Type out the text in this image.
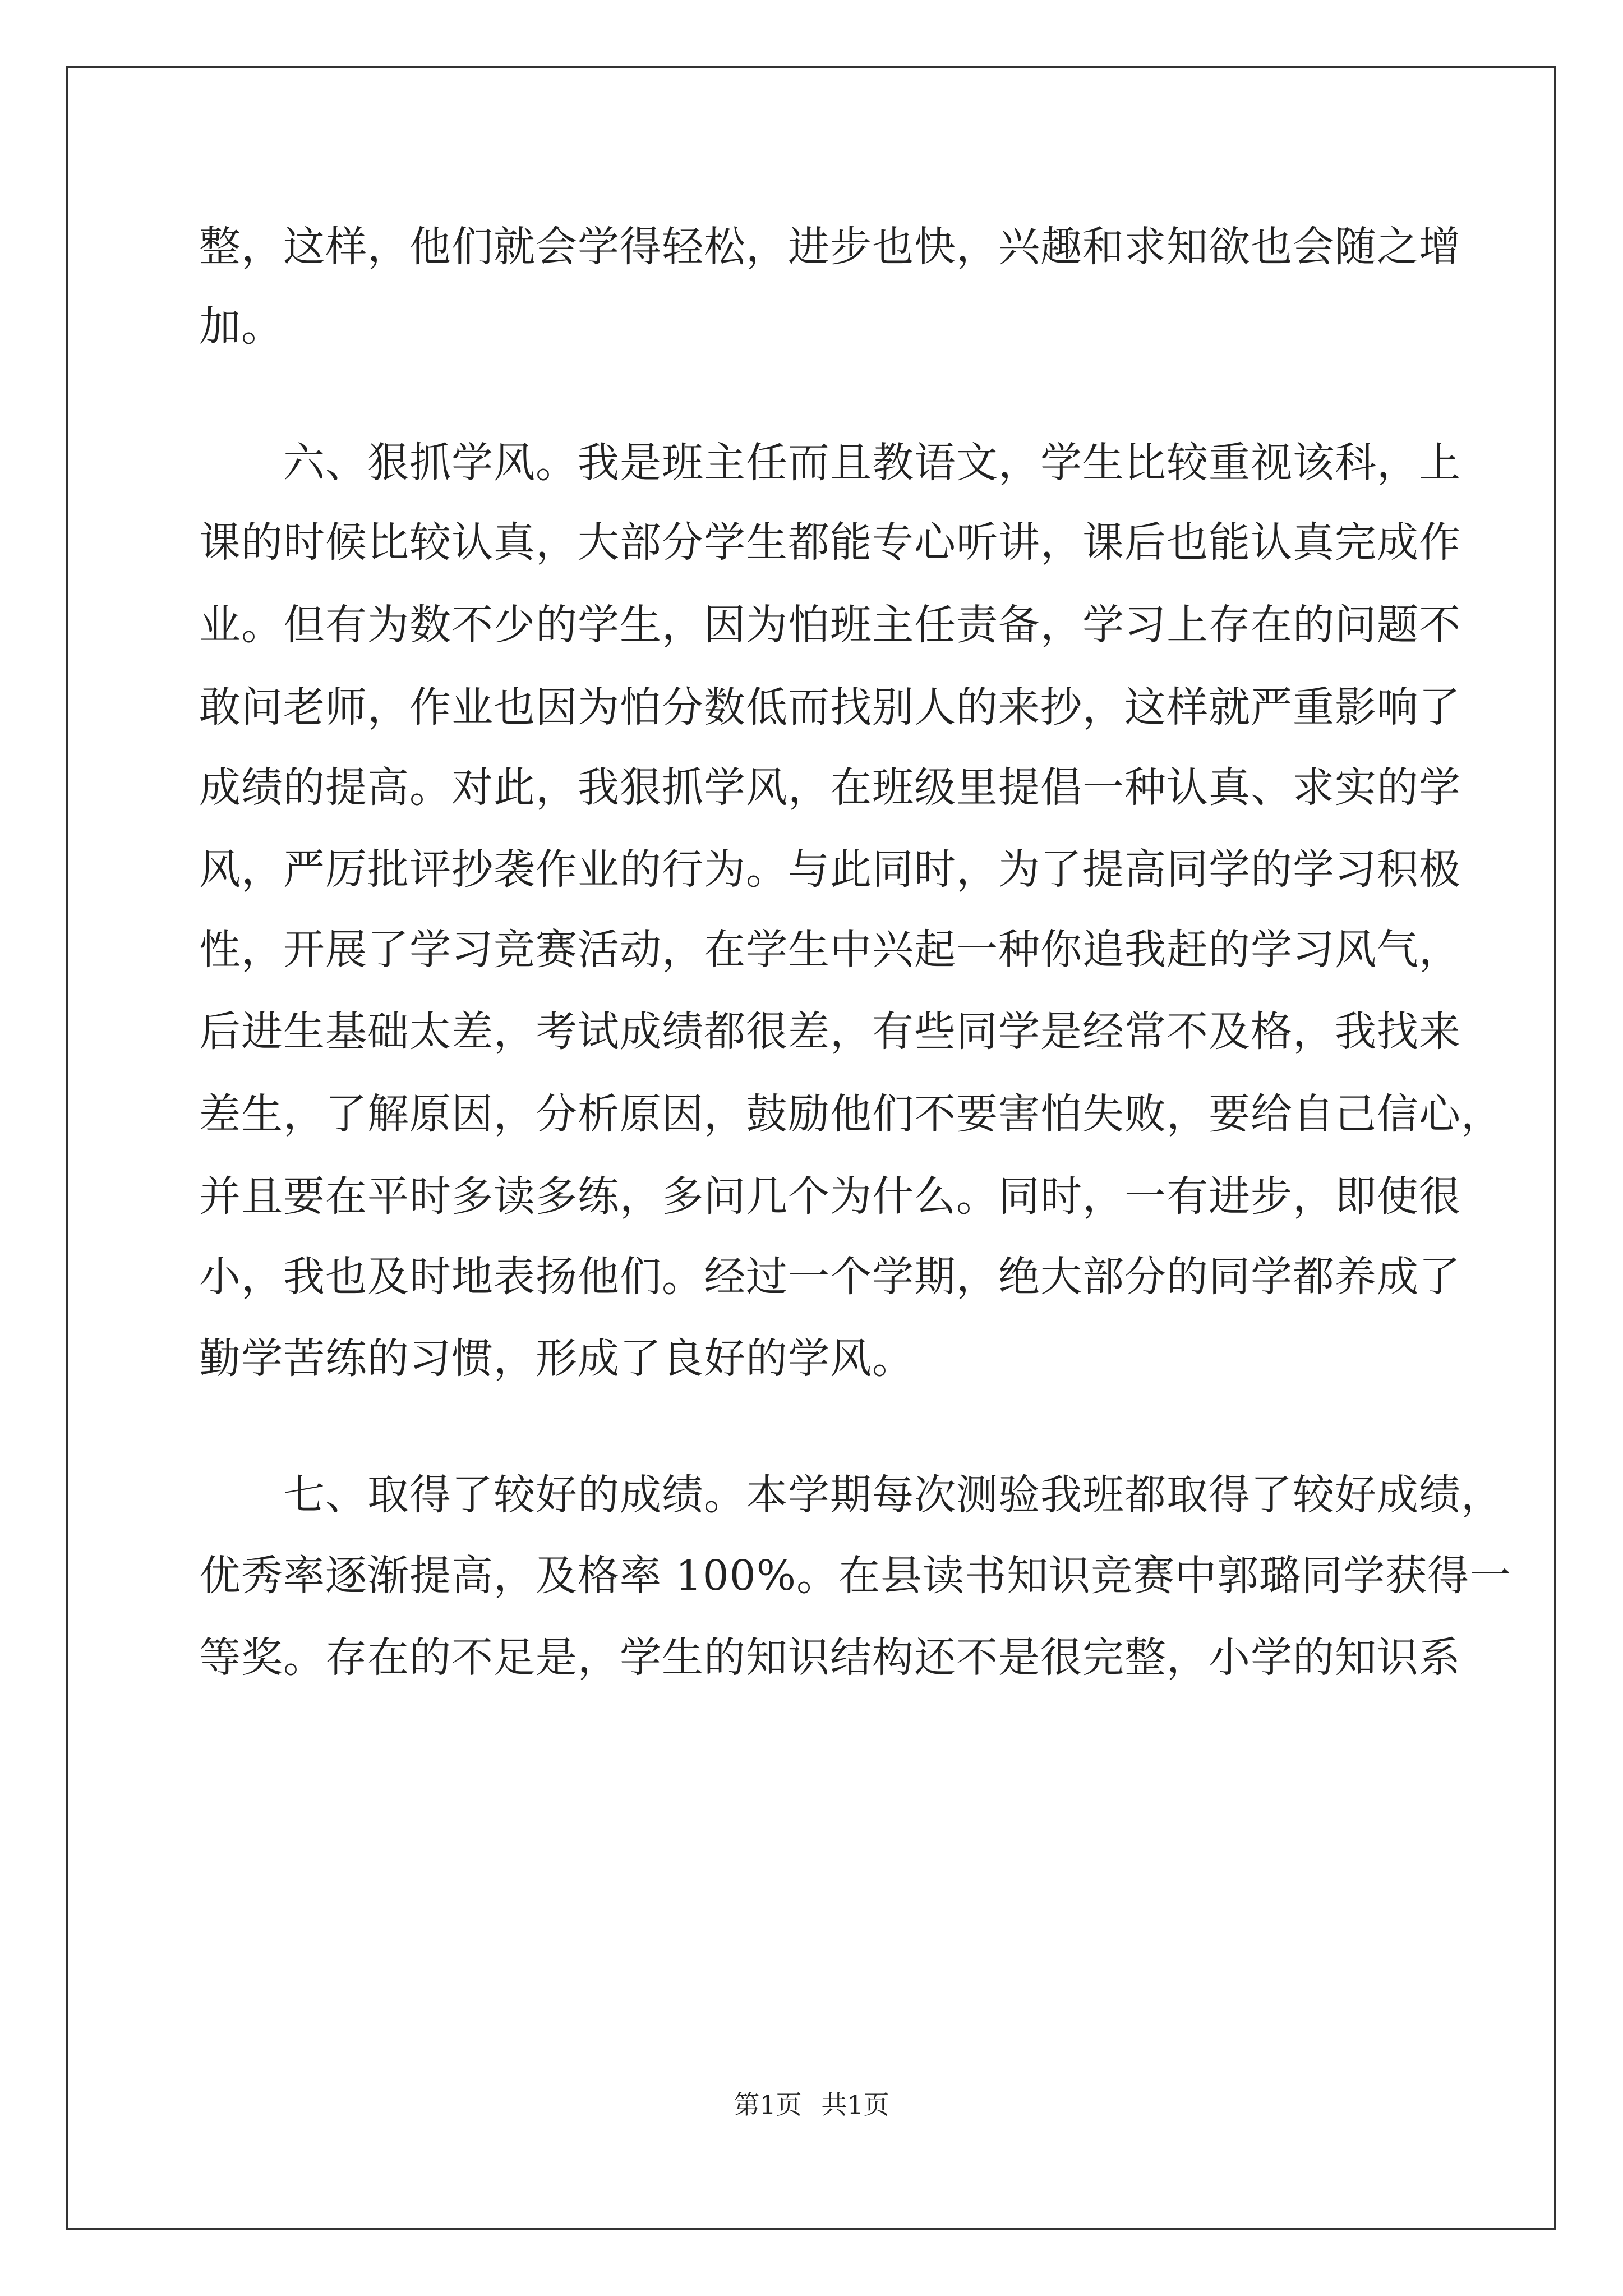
整，这样，他们就会学得轻松，进步也快，兴趣和求知欲也会随之增
加。
六、狠抓学风。我是班主任而且教语文，学生比较重视该科，上
课的时候比较认真，大部分学生都能专心听讲，课后也能认真完成作
业。但有为数不少的学生，因为怕班主任责备，学习上存在的问题不
敢问老师，作业也因为怕分数低而找别人的来抄，这样就严重影响了
成绩的提高。对此，我狠抓学风，在班级里提倡一种认真、求实的学
风，严厉批评抄袭作业的行为。与此同时，为了提高同学的学习积极
性，开展了学习竞赛活动，在学生中兴起一种你追我赶的学习风气，
后进生基础太差，考试成绩都很差，有些同学是经常不及格，我找来
差生，了解原因，分析原因，鼓励他们不要害怕失败，要给自己信心，
并且要在平时多读多练，多问几个为什么。同时，一有进步，即使很
小，我也及时地表扬他们。经过一个学期，绝大部分的同学都养成了
勤学苦练的习惯，形成了良好的学风。
七、取得了较好的成绩。本学期每次测验我班都取得了较好成绩，
优秀率逐渐提高，及格率 100%。在县读书知识竞赛中郭璐同学获得一
等奖。存在的不足是，学生的知识结构还不是很完整，小学的知识系
第1页 共1页
